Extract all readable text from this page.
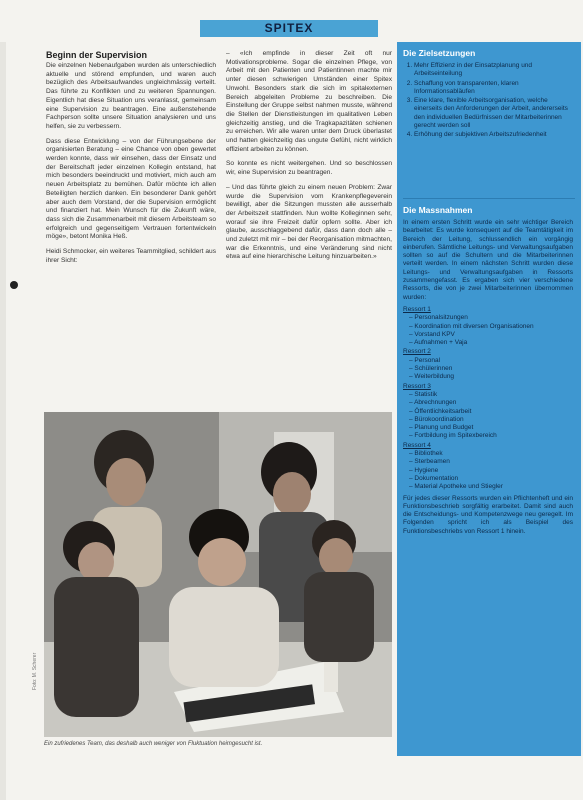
SPITEX
Beginn der Supervision

Die einzelnen Nebenaufgaben wurden als unterschiedlich aktuelle und störend empfunden, und waren auch bezüglich des Arbeitsaufwandes ungleichmässig verteilt. Das führte zu Konflikten und zu weiteren Spannungen. Eigentlich hat diese Situation uns veranlasst, gemeinsam eine Supervision zu beantragen. Eine außenstehende Fachperson sollte unsere Situation analysieren und uns helfen, sie zu verbessern.

Dass diese Entwicklung – von der Führungsebene der organisierten Beratung – eine Chance von oben gewertet werden konnte, dass wir einsehen, dass der Einsatz und der Bereitschaft jeder einzelnen Kollegin entstand, hat mich besonders beeindruckt und motiviert, mich auch am neuen Arbeitsplatz zu bemühen. Dafür möchte ich allen Beteiligten herzlich danken. Ein besonderer Dank gehört aber auch dem Vorstand, der die Supervision ermöglicht und finanziert hat. Mein Wunsch für die Zukunft wäre, dass sich die Zusammenarbeit mit diesem Arbeitsteam so erfolgreich und gegenseitigem Vertrauen fortentwickeln möge», betont Monika Heß.

Heidi Schmocker, ein weiteres Teammitglied, schildert aus ihrer Sicht:

– «Ich empfinde in dieser Zeit oft nur Motivationsprobleme. Sogar die einzelnen Pflege, von Arbeit mit den Patienten und Patientinnen machte mir unter diesen schwierigen Umständen einer Spitex Unwohl. Besonders stark die sich im spitalexternen Bereich abgeleiten Probleme zu beschreiben. Die Einstellung der Gruppe selbst nahmen musste, während die Stellen der Dienstleistungen im qualitativen Leben gleichzeitig anstieg, und die Tragkapazitäten schienen zu erreichen. Wir alle waren unter dem Druck überlastet und hatten gleichzeitig das ungute Gefühl, nicht wirklich effizient arbeiten zu können.

So konnte es nicht weitergehen. Und so beschlossen wir, eine Supervision zu beantragen.

– Und das führte gleich zu einem neuen Problem: Zwar wurde die Supervision vom Krankenpflegeverein bewilligt, aber die Sitzungen mussten alle ausserhalb der Arbeitszeit stattfinden. Nun wollte Kolleginnen sehr, worauf sie ihre Freizeit dafür opfern sollte. Aber ich glaube, ausschlaggebend dafür, dass dann doch alle – und zuletzt mit mir – bei der Reorganisation mitmachten, war die Erkenntnis, und eine Veränderung sind nicht etwa auf eine hierarchische Leitung hinzuarbeiten.»

Foto: M. Scherer
Ein zufriedenes Team, das deshalb auch weniger von Fluktuation heimgesucht ist.
Die Zielsetzungen
1. Mehr Effizienz in der Einsatzplanung und Arbeitseinteilung
2. Schaffung von transparenten, klaren Informationsabläufen
3. Eine klare, flexible Arbeitsorganisation, welche einerseits den Anforderungen der Arbeit, andererseits den individuellen Bedürfnissen der Mitarbeiterinnen gerecht werden soll
4. Erhöhung der subjektiven Arbeitszufriedenheit
Die Massnahmen

In einem ersten Schritt wurde ein sehr wichtiger Bereich bearbeitet: Es wurde konsequent auf die Teamtätigkeit im Bereich der Leitung, schlussendlich ein vorgängig einberufen. Sämtliche Leitungs- und Verwaltungsaufgaben sollten so auf die Schultern und die Mitarbeiterinnen verteilt werden. In einem nächsten Schritt wurden diese Leitungs- und Verwaltungsaufgaben in Ressorts zusammengefasst. Es ergaben sich vier verschiedene Ressorts, die von je zwei Mitarbeiterinnen übernommen wurden:

Ressort 1
– Personalsitzungen
– Koordination mit diversen Organisationen
– Vorstand KPV
– Aufnahmen + Vaja
Ressort 2
– Personal
– Schülerinnen
– Weiterbildung
Ressort 3
– Statistik
– Abrechnungen
– Öffentlichkeitsarbeit
– Bürokoordination
– Planung und Budget
– Fortbildung im Spitexbereich
Ressort 4
– Bibliothek
– Sterbeamen
– Hygiene
– Dokumentation
– Material Apotheke und Stiegler

Für jedes dieser Ressorts wurden ein Pflichtenheft und ein Funktionsbeschrieb sorgfältig erarbeitet. Damit sind auch die Entscheidungs- und Kompetenzwege neu geregelt. Im Folgenden spricht ich als Beispiel des Funktionsbeschriebs von Ressort 1 hinein.
